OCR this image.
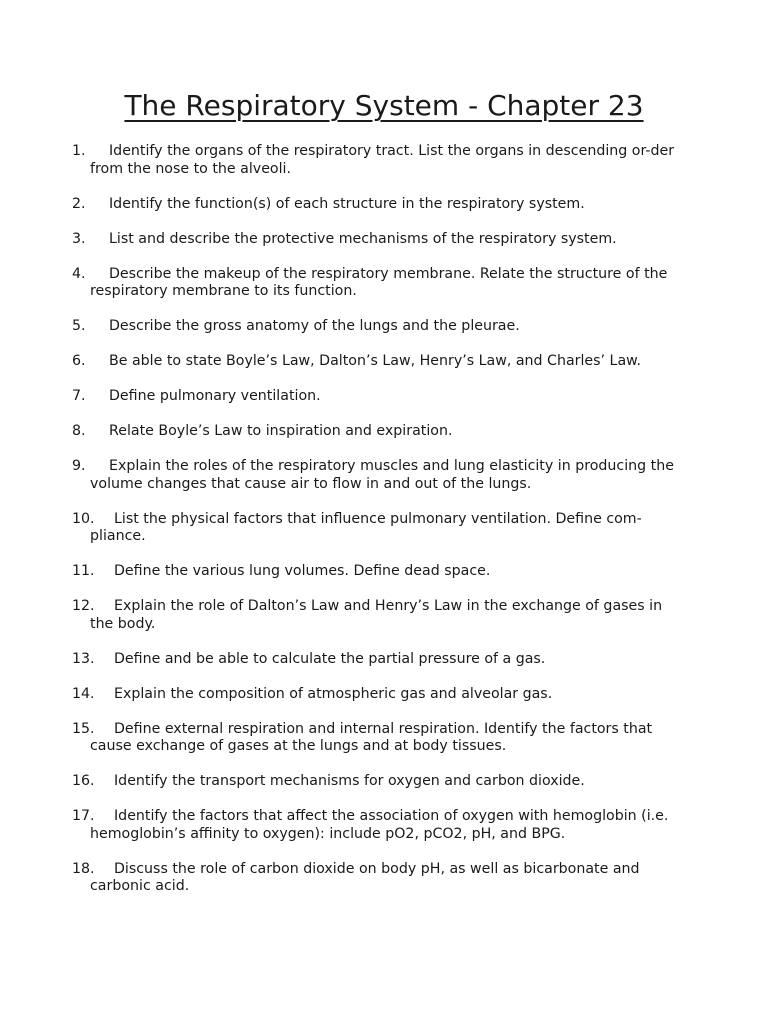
The Respiratory System - Chapter 23
1. Identify the organs of the respiratory tract. List the organs in descending or-der from the nose to the alveoli.
2. Identify the function(s) of each structure in the respiratory system.
3. List and describe the protective mechanisms of the respiratory system.
4. Describe the makeup of the respiratory membrane. Relate the structure of the respiratory membrane to its function.
5. Describe the gross anatomy of the lungs and the pleurae.
6. Be able to state Boyle’s Law, Dalton’s Law, Henry’s Law, and Charles’ Law.
7. Define pulmonary ventilation.
8. Relate Boyle’s Law to inspiration and expiration.
9. Explain the roles of the respiratory muscles and lung elasticity in producing the volume changes that cause air to flow in and out of the lungs.
10. List the physical factors that influence pulmonary ventilation. Define com-pliance.
11. Define the various lung volumes. Define dead space.
12. Explain the role of Dalton’s Law and Henry’s Law in the exchange of gases in the body.
13. Define and be able to calculate the partial pressure of a gas.
14. Explain the composition of atmospheric gas and alveolar gas.
15. Define external respiration and internal respiration. Identify the factors that cause exchange of gases at the lungs and at body tissues.
16. Identify the transport mechanisms for oxygen and carbon dioxide.
17. Identify the factors that affect the association of oxygen with hemoglobin (i.e. hemoglobin’s affinity to oxygen): include pO2, pCO2, pH, and BPG.
18. Discuss the role of carbon dioxide on body pH, as well as bicarbonate and carbonic acid.
